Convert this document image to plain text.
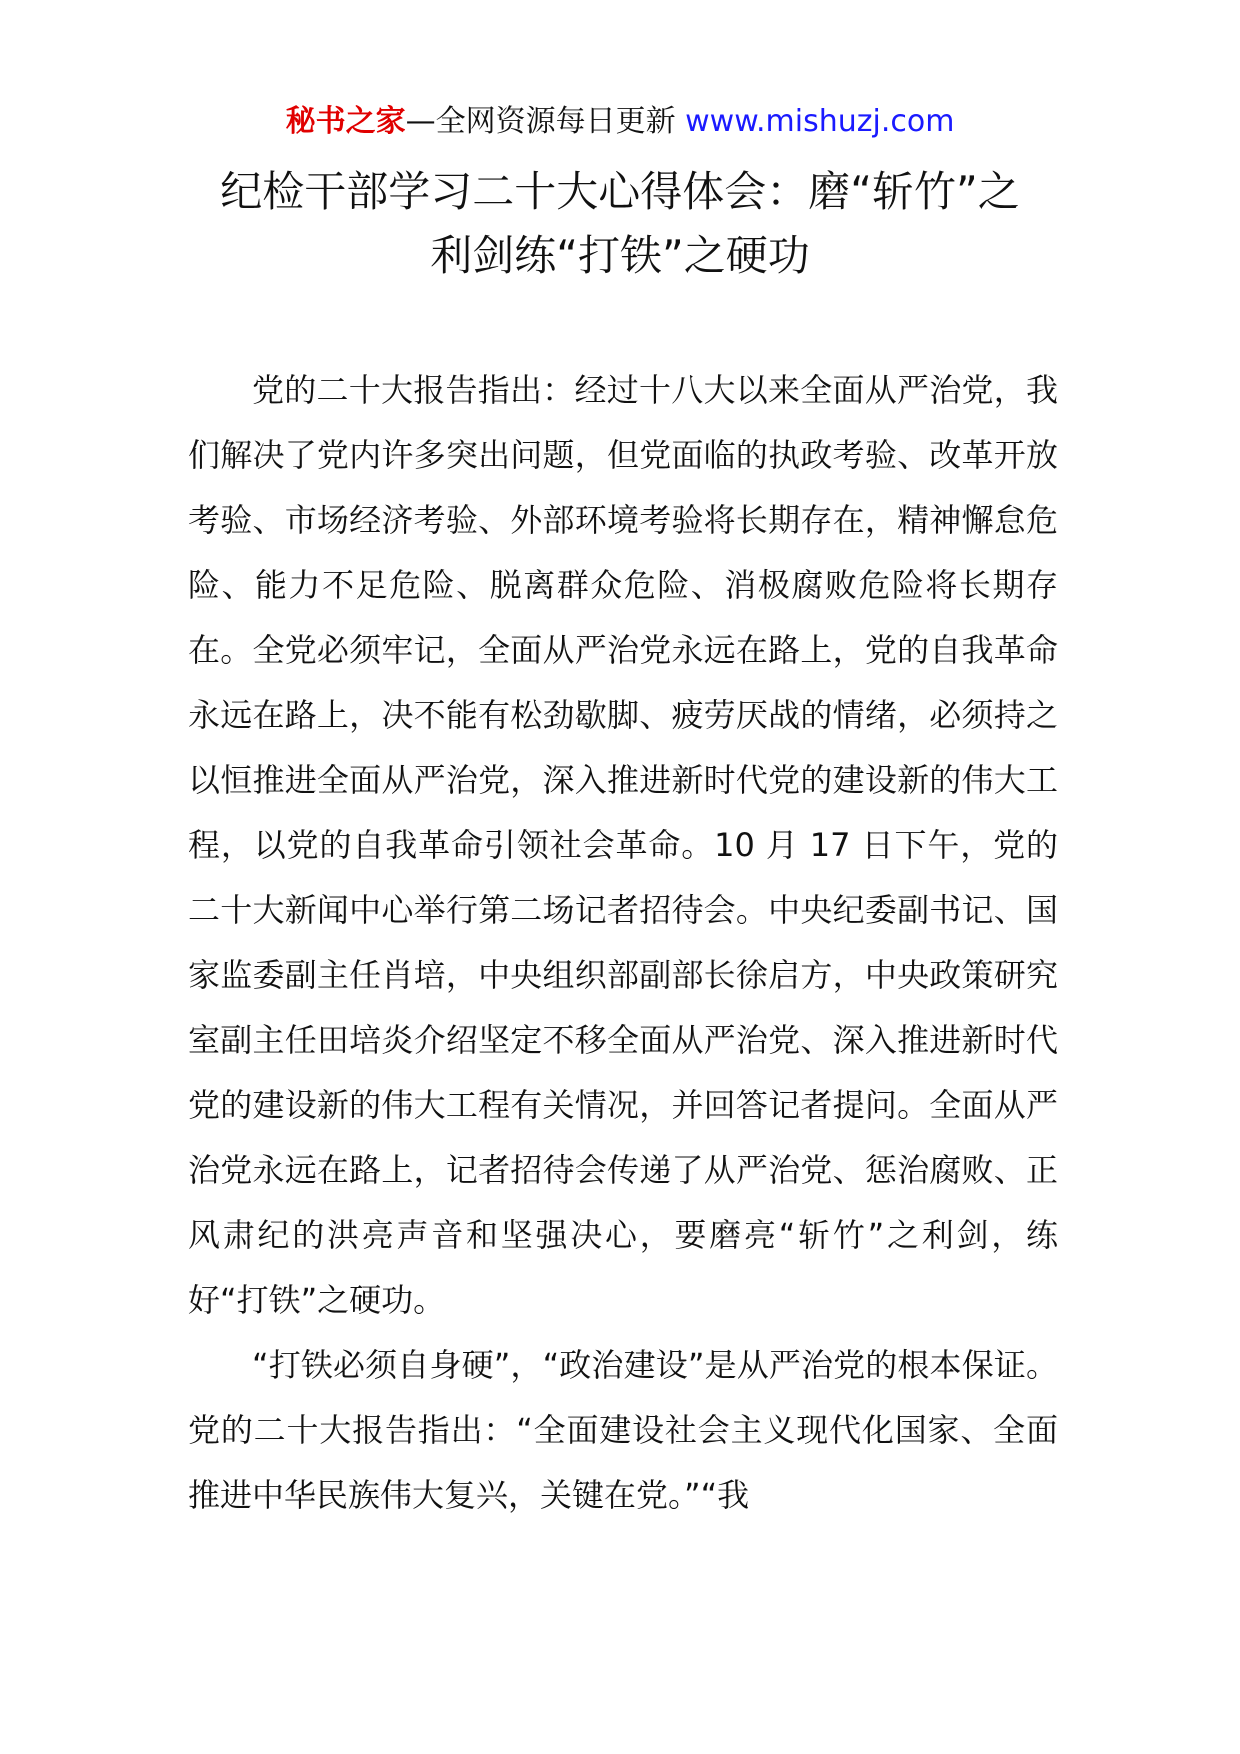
秘书之家—全网资源每日更新 www.mishuzj.com
纪检干部学习二十大心得体会：磨“斩竹”之利剑练“打铁”之硬功

党的二十大报告指出：经过十八大以来全面从严治党，我们解决了党内许多突出问题，但党面临的执政考验、改革开放考验、市场经济考验、外部环境考验将长期存在，精神懈怠危险、能力不足危险、脱离群众危险、消极腐败危险将长期存在。全党必须牢记，全面从严治党永远在路上，党的自我革命永远在路上，决不能有松劲歇脚、疲劳厌战的情绪，必须持之以恒推进全面从严治党，深入推进新时代党的建设新的伟大工程，以党的自我革命引领社会革命。10 月 17 日下午，党的二十大新闻中心举行第二场记者招待会。中央纪委副书记、国家监委副主任肖培，中央组织部副部长徐启方，中央政策研究室副主任田培炎介绍坚定不移全面从严治党、深入推进新时代党的建设新的伟大工程有关情况，并回答记者提问。全面从严治党永远在路上，记者招待会传递了从严治党、惩治腐败、正风肃纪的洪亮声音和坚强决心，要磨亮“斩竹”之利剑，练好“打铁”之硬功。

“打铁必须自身硬”，“政治建设”是从严治党的根本保证。党的二十大报告指出：“全面建设社会主义现代化国家、全面推进中华民族伟大复兴，关键在党。”“我
